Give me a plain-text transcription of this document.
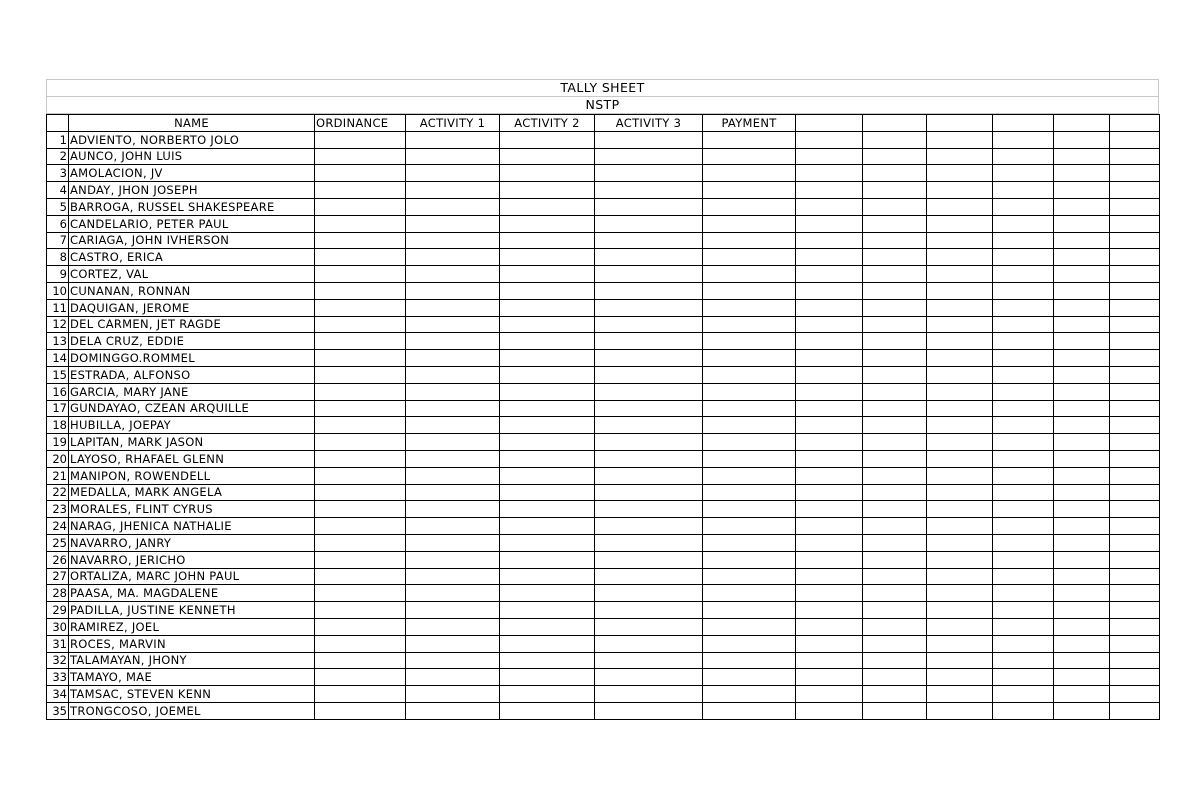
TALLY SHEET
NSTP
	NAME	ORDINANCE	ACTIVITY 1	ACTIVITY 2	ACTIVITY 3	PAYMENT						
1	ADVIENTO, NORBERTO JOLO											
2	AUNCO, JOHN LUIS											
3	AMOLACION, JV											
4	ANDAY, JHON JOSEPH											
5	BARROGA, RUSSEL SHAKESPEARE											
6	CANDELARIO, PETER PAUL											
7	CARIAGA, JOHN IVHERSON											
8	CASTRO, ERICA											
9	CORTEZ, VAL											
10	CUNANAN, RONNAN											
11	DAQUIGAN, JEROME											
12	DEL CARMEN, JET RAGDE											
13	DELA CRUZ, EDDIE											
14	DOMINGGO.ROMMEL											
15	ESTRADA, ALFONSO											
16	GARCIA, MARY JANE											
17	GUNDAYAO, CZEAN ARQUILLE											
18	HUBILLA, JOEPAY											
19	LAPITAN, MARK JASON											
20	LAYOSO, RHAFAEL GLENN											
21	MANIPON, ROWENDELL											
22	MEDALLA, MARK ANGELA											
23	MORALES, FLINT CYRUS											
24	NARAG, JHENICA NATHALIE											
25	NAVARRO, JANRY											
26	NAVARRO, JERICHO											
27	ORTALIZA, MARC JOHN PAUL											
28	PAASA, MA. MAGDALENE											
29	PADILLA, JUSTINE KENNETH											
30	RAMIREZ, JOEL											
31	ROCES, MARVIN											
32	TALAMAYAN, JHONY											
33	TAMAYO, MAE											
34	TAMSAC, STEVEN KENN											
35	TRONGCOSO, JOEMEL											
